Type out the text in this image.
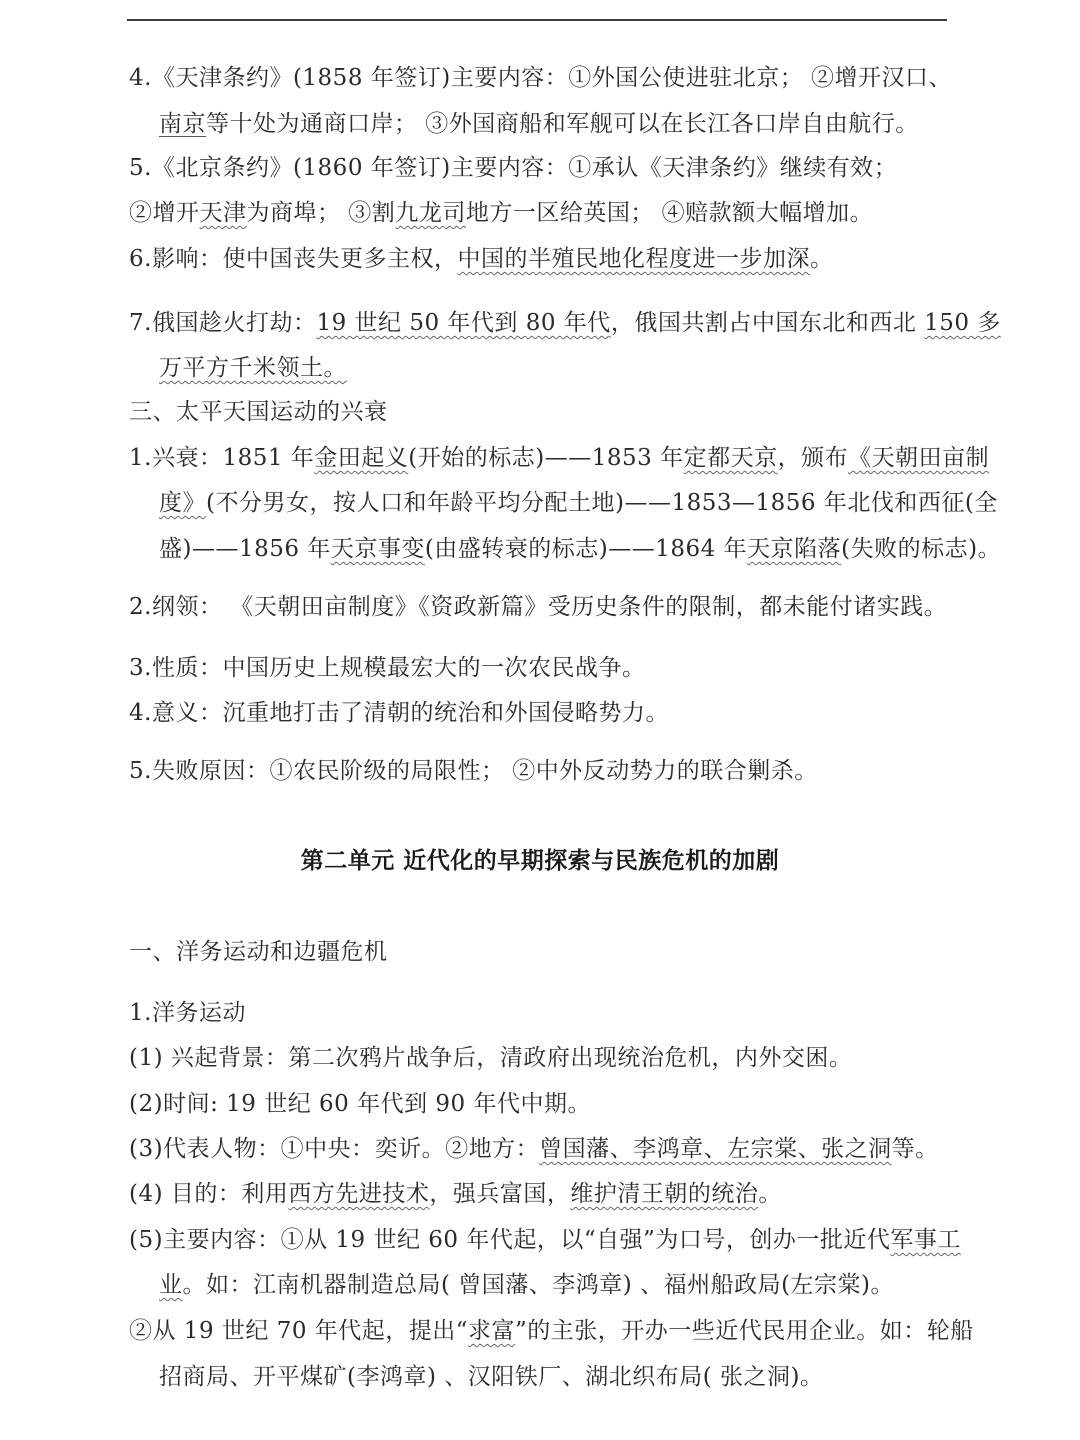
4.《天津条约》(1858 年签订)主要内容：①外国公使进驻北京； ②增开汉口、
南京等十处为通商口岸； ③外国商船和军舰可以在长江各口岸自由航行。
5.《北京条约》(1860 年签订)主要内容：①承认《天津条约》继续有效；
②增开天津为商埠； ③割九龙司地方一区给英国； ④赔款额大幅增加。
6.影响：使中国丧失更多主权，中国的半殖民地化程度进一步加深。
7.俄国趁火打劫：19 世纪 50 年代到 80 年代，俄国共割占中国东北和西北 150 多
万平方千米领土。
三、太平天国运动的兴衰
1.兴衰：1851 年金田起义(开始的标志)——1853 年定都天京，颁布《天朝田亩制
度》(不分男女，按人口和年龄平均分配土地)——1853—1856 年北伐和西征(全
盛)——1856 年天京事变(由盛转衰的标志)——1864 年天京陷落(失败的标志)。
2.纲领： 《天朝田亩制度》《资政新篇》受历史条件的限制，都未能付诸实践。
3.性质：中国历史上规模最宏大的一次农民战争。
4.意义：沉重地打击了清朝的统治和外国侵略势力。
5.失败原因：①农民阶级的局限性； ②中外反动势力的联合剿杀。
第二单元 近代化的早期探索与民族危机的加剧
一、洋务运动和边疆危机
1.洋务运动
(1) 兴起背景：第二次鸦片战争后，清政府出现统治危机，内外交困。
(2)时间: 19 世纪 60 年代到 90 年代中期。
(3)代表人物：①中央：奕䜣。②地方：曾国藩、李鸿章、左宗棠、张之洞等。
(4) 目的：利用西方先进技术，强兵富国，维护清王朝的统治。
(5)主要内容：①从 19 世纪 60 年代起，以“自强”为口号，创办一批近代军事工
业。如：江南机器制造总局( 曾国藩、李鸿章) 、福州船政局(左宗棠)。
②从 19 世纪 70 年代起，提出“求富”的主张，开办一些近代民用企业。如：轮船
招商局、开平煤矿(李鸿章) 、汉阳铁厂、湖北织布局( 张之洞)。
